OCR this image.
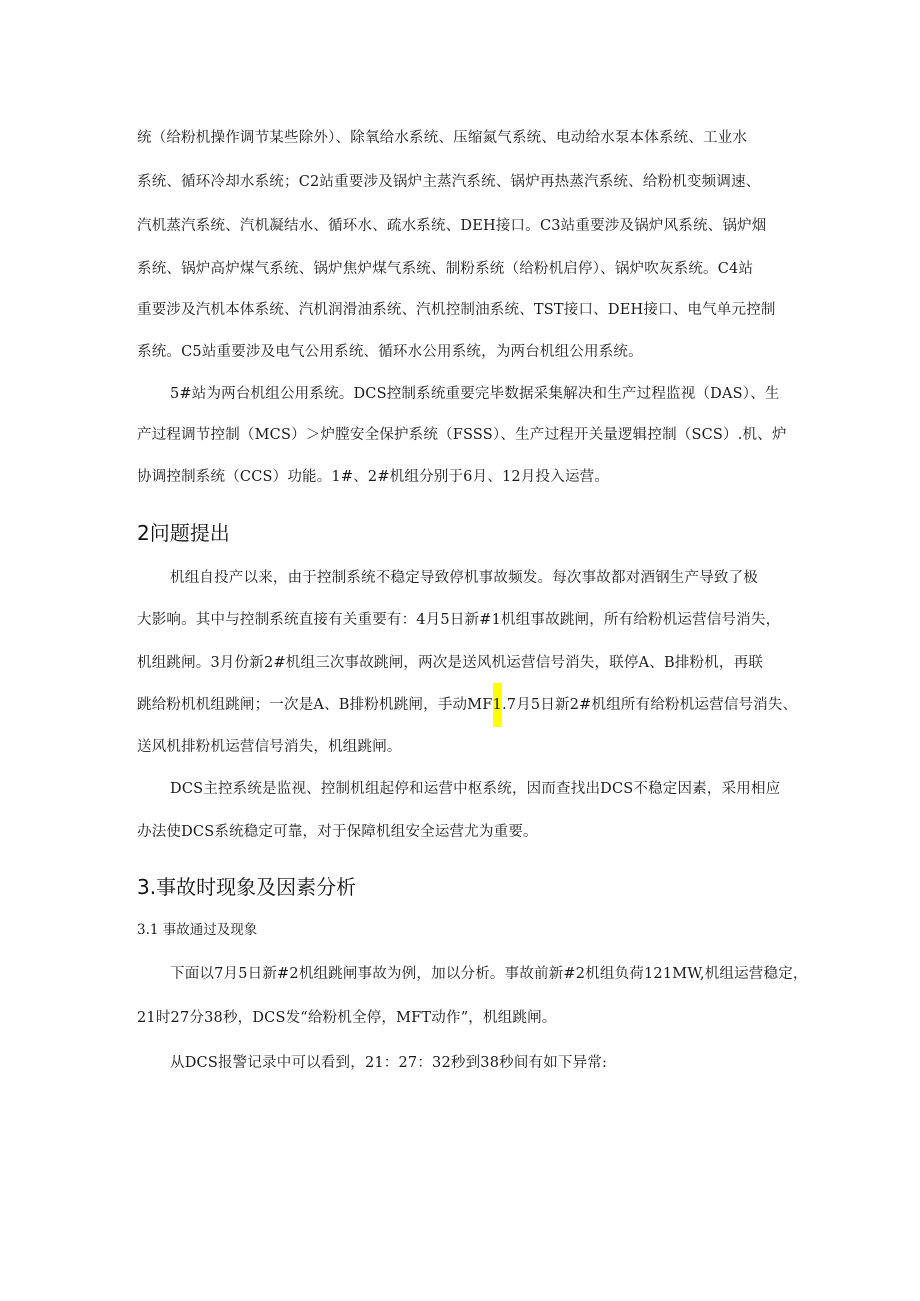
统（给粉机操作调节某些除外）、除氧给水系统、压缩氮气系统、电动给水泵本体系统、工业水
系统、循环冷却水系统；C2站重要涉及锅炉主蒸汽系统、锅炉再热蒸汽系统、给粉机变频调速、
汽机蒸汽系统、汽机凝结水、循环水、疏水系统、DEH接口。C3站重要涉及锅炉风系统、锅炉烟
系统、锅炉高炉煤气系统、锅炉焦炉煤气系统、制粉系统（给粉机启停）、锅炉吹灰系统。C4站
重要涉及汽机本体系统、汽机润滑油系统、汽机控制油系统、TST接口、DEH接口、电气单元控制
系统。C5站重要涉及电气公用系统、循环水公用系统，为两台机组公用系统。
5#站为两台机组公用系统。DCS控制系统重要完毕数据采集解决和生产过程监视（DAS）、生
产过程调节控制（MCS）＞炉膛安全保护系统（FSSS）、生产过程开关量逻辑控制（SCS）.机、炉
协调控制系统（CCS）功能。1#、2#机组分别于6月、12月投入运营。
2问题提出
机组自投产以来，由于控制系统不稳定导致停机事故频发。每次事故都对酒钢生产导致了极
大影响。其中与控制系统直接有关重要有：4月5日新#1机组事故跳闸，所有给粉机运营信号消失，
机组跳闸。3月份新2#机组三次事故跳闸，两次是送风机运营信号消失，联停A、B排粉机，再联
跳给粉机机组跳闸；一次是A、B排粉机跳闸，手动MF1.7月5日新2#机组所有给粉机运营信号消失、
送风机排粉机运营信号消失，机组跳闸。
DCS主控系统是监视、控制机组起停和运营中枢系统，因而查找出DCS不稳定因素，采用相应
办法使DCS系统稳定可靠，对于保障机组安全运营尤为重要。
3.事故时现象及因素分析
3.1 事故通过及现象
下面以7月5日新#2机组跳闸事故为例，加以分析。事故前新#2机组负荷121MW,机组运营稳定，
21时27分38秒，DCS发“给粉机全停，MFT动作”，机组跳闸。
从DCS报警记录中可以看到，21：27：32秒到38秒间有如下异常:
